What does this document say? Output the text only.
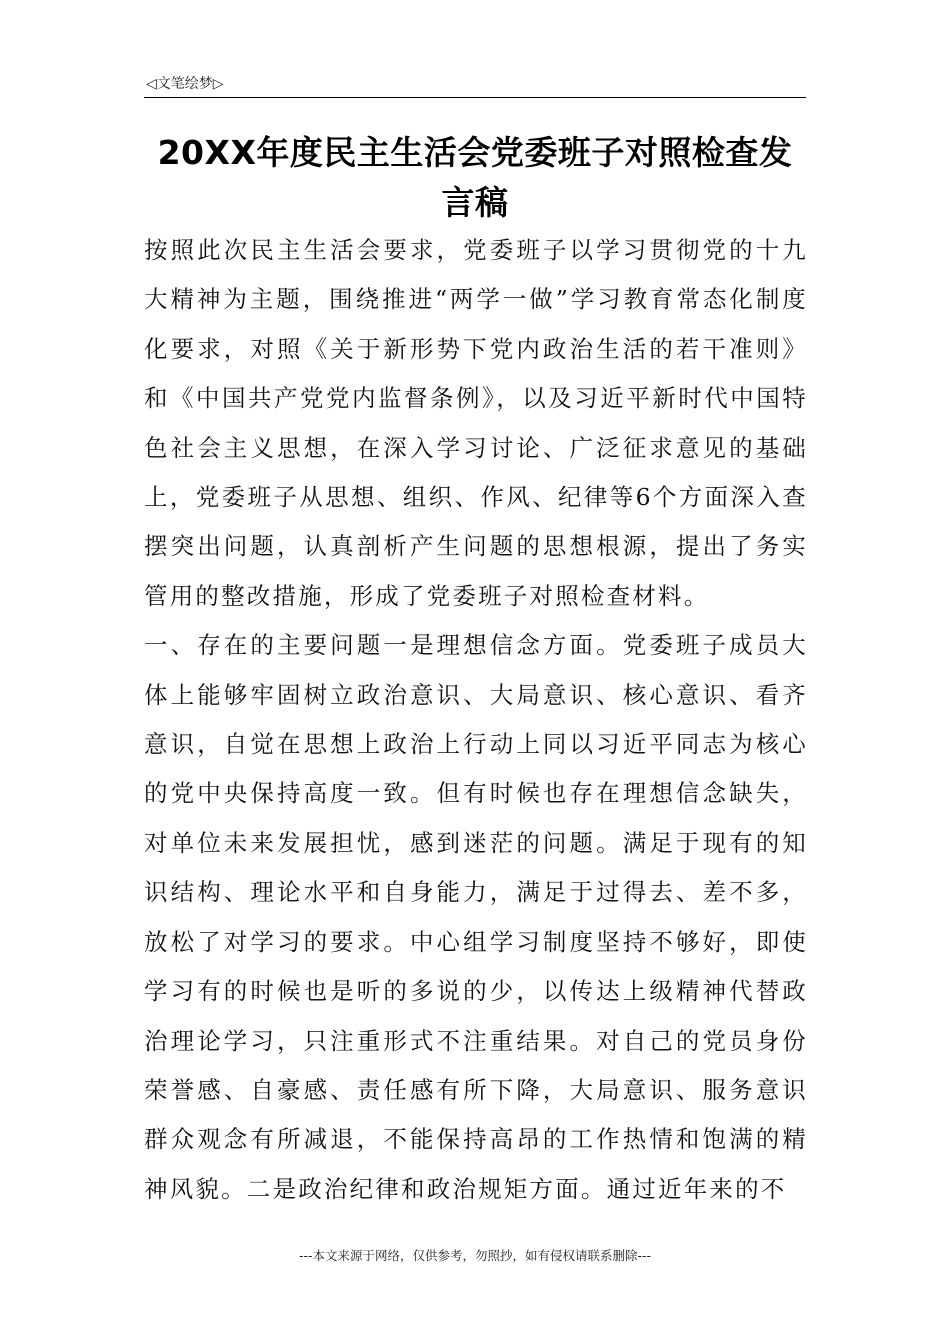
◁文笔绘梦▷
20XX年度民主生活会党委班子对照检查发言稿

按照此次民主生活会要求，党委班子以学习贯彻党的十九大精神为主题，围绕推进“两学一做”学习教育常态化制度化要求，对照《关于新形势下党内政治生活的若干准则》和《中国共产党党内监督条例》，以及习近平新时代中国特色社会主义思想，在深入学习讨论、广泛征求意见的基础上，党委班子从思想、组织、作风、纪律等6个方面深入查摆突出问题，认真剖析产生问题的思想根源，提出了务实管用的整改措施，形成了党委班子对照检查材料。

一、存在的主要问题一是理想信念方面。党委班子成员大体上能够牢固树立政治意识、大局意识、核心意识、看齐意识，自觉在思想上政治上行动上同以习近平同志为核心的党中央保持高度一致。但有时候也存在理想信念缺失，对单位未来发展担忧，感到迷茫的问题。满足于现有的知识结构、理论水平和自身能力，满足于过得去、差不多，放松了对学习的要求。中心组学习制度坚持不够好，即使学习有的时候也是听的多说的少，以传达上级精神代替政治理论学习，只注重形式不注重结果。对自己的党员身份荣誉感、自豪感、责任感有所下降，大局意识、服务意识群众观念有所减退，不能保持高昂的工作热情和饱满的精神风貌。二是政治纪律和政治规矩方面。通过近年来的不

---本文来源于网络，仅供参考，勿照抄，如有侵权请联系删除---
